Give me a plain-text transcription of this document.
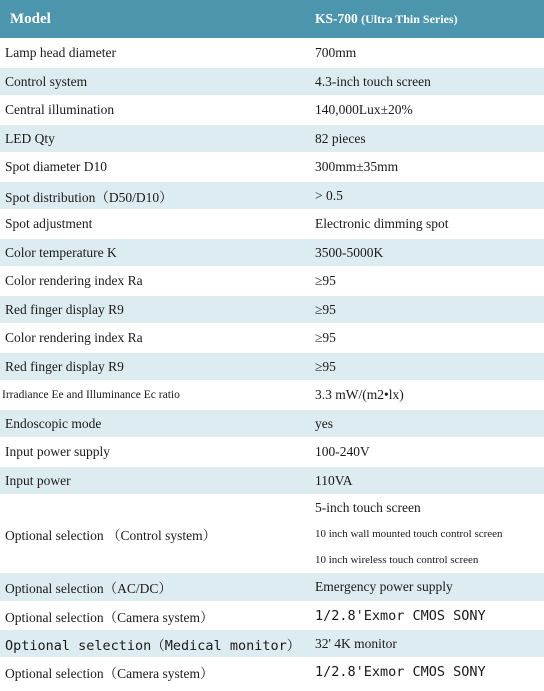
Model	KS-700 (Ultra Thin Series)
Lamp head diameter	700mm
Control system	4.3-inch touch screen
Central illumination	140,000Lux±20%
LED Qty	82 pieces
Spot diameter D10	300mm±35mm
Spot distribution（D50/D10）	> 0.5
Spot adjustment	Electronic dimming spot
Color temperature K	3500-5000K
Color rendering index Ra	≥95
Red finger display R9	≥95
Color rendering index Ra	≥95
Red finger display R9	≥95
Irradiance Ee and Illuminance Ec ratio	3.3 mW/(m2•lx)
Endoscopic mode	yes
Input power supply	100-240V
Input power	110VA
Optional selection （Control system）
5-inch touch screen
10 inch wall mounted touch control screen
10 inch wireless touch control screen
Optional selection（AC/DC）	Emergency power supply
Optional selection（Camera system）	1/2.8'Exmor CMOS SONY
Optional selection（Medical monitor）	32' 4K monitor
Optional selection（Camera system）	1/2.8'Exmor CMOS SONY
